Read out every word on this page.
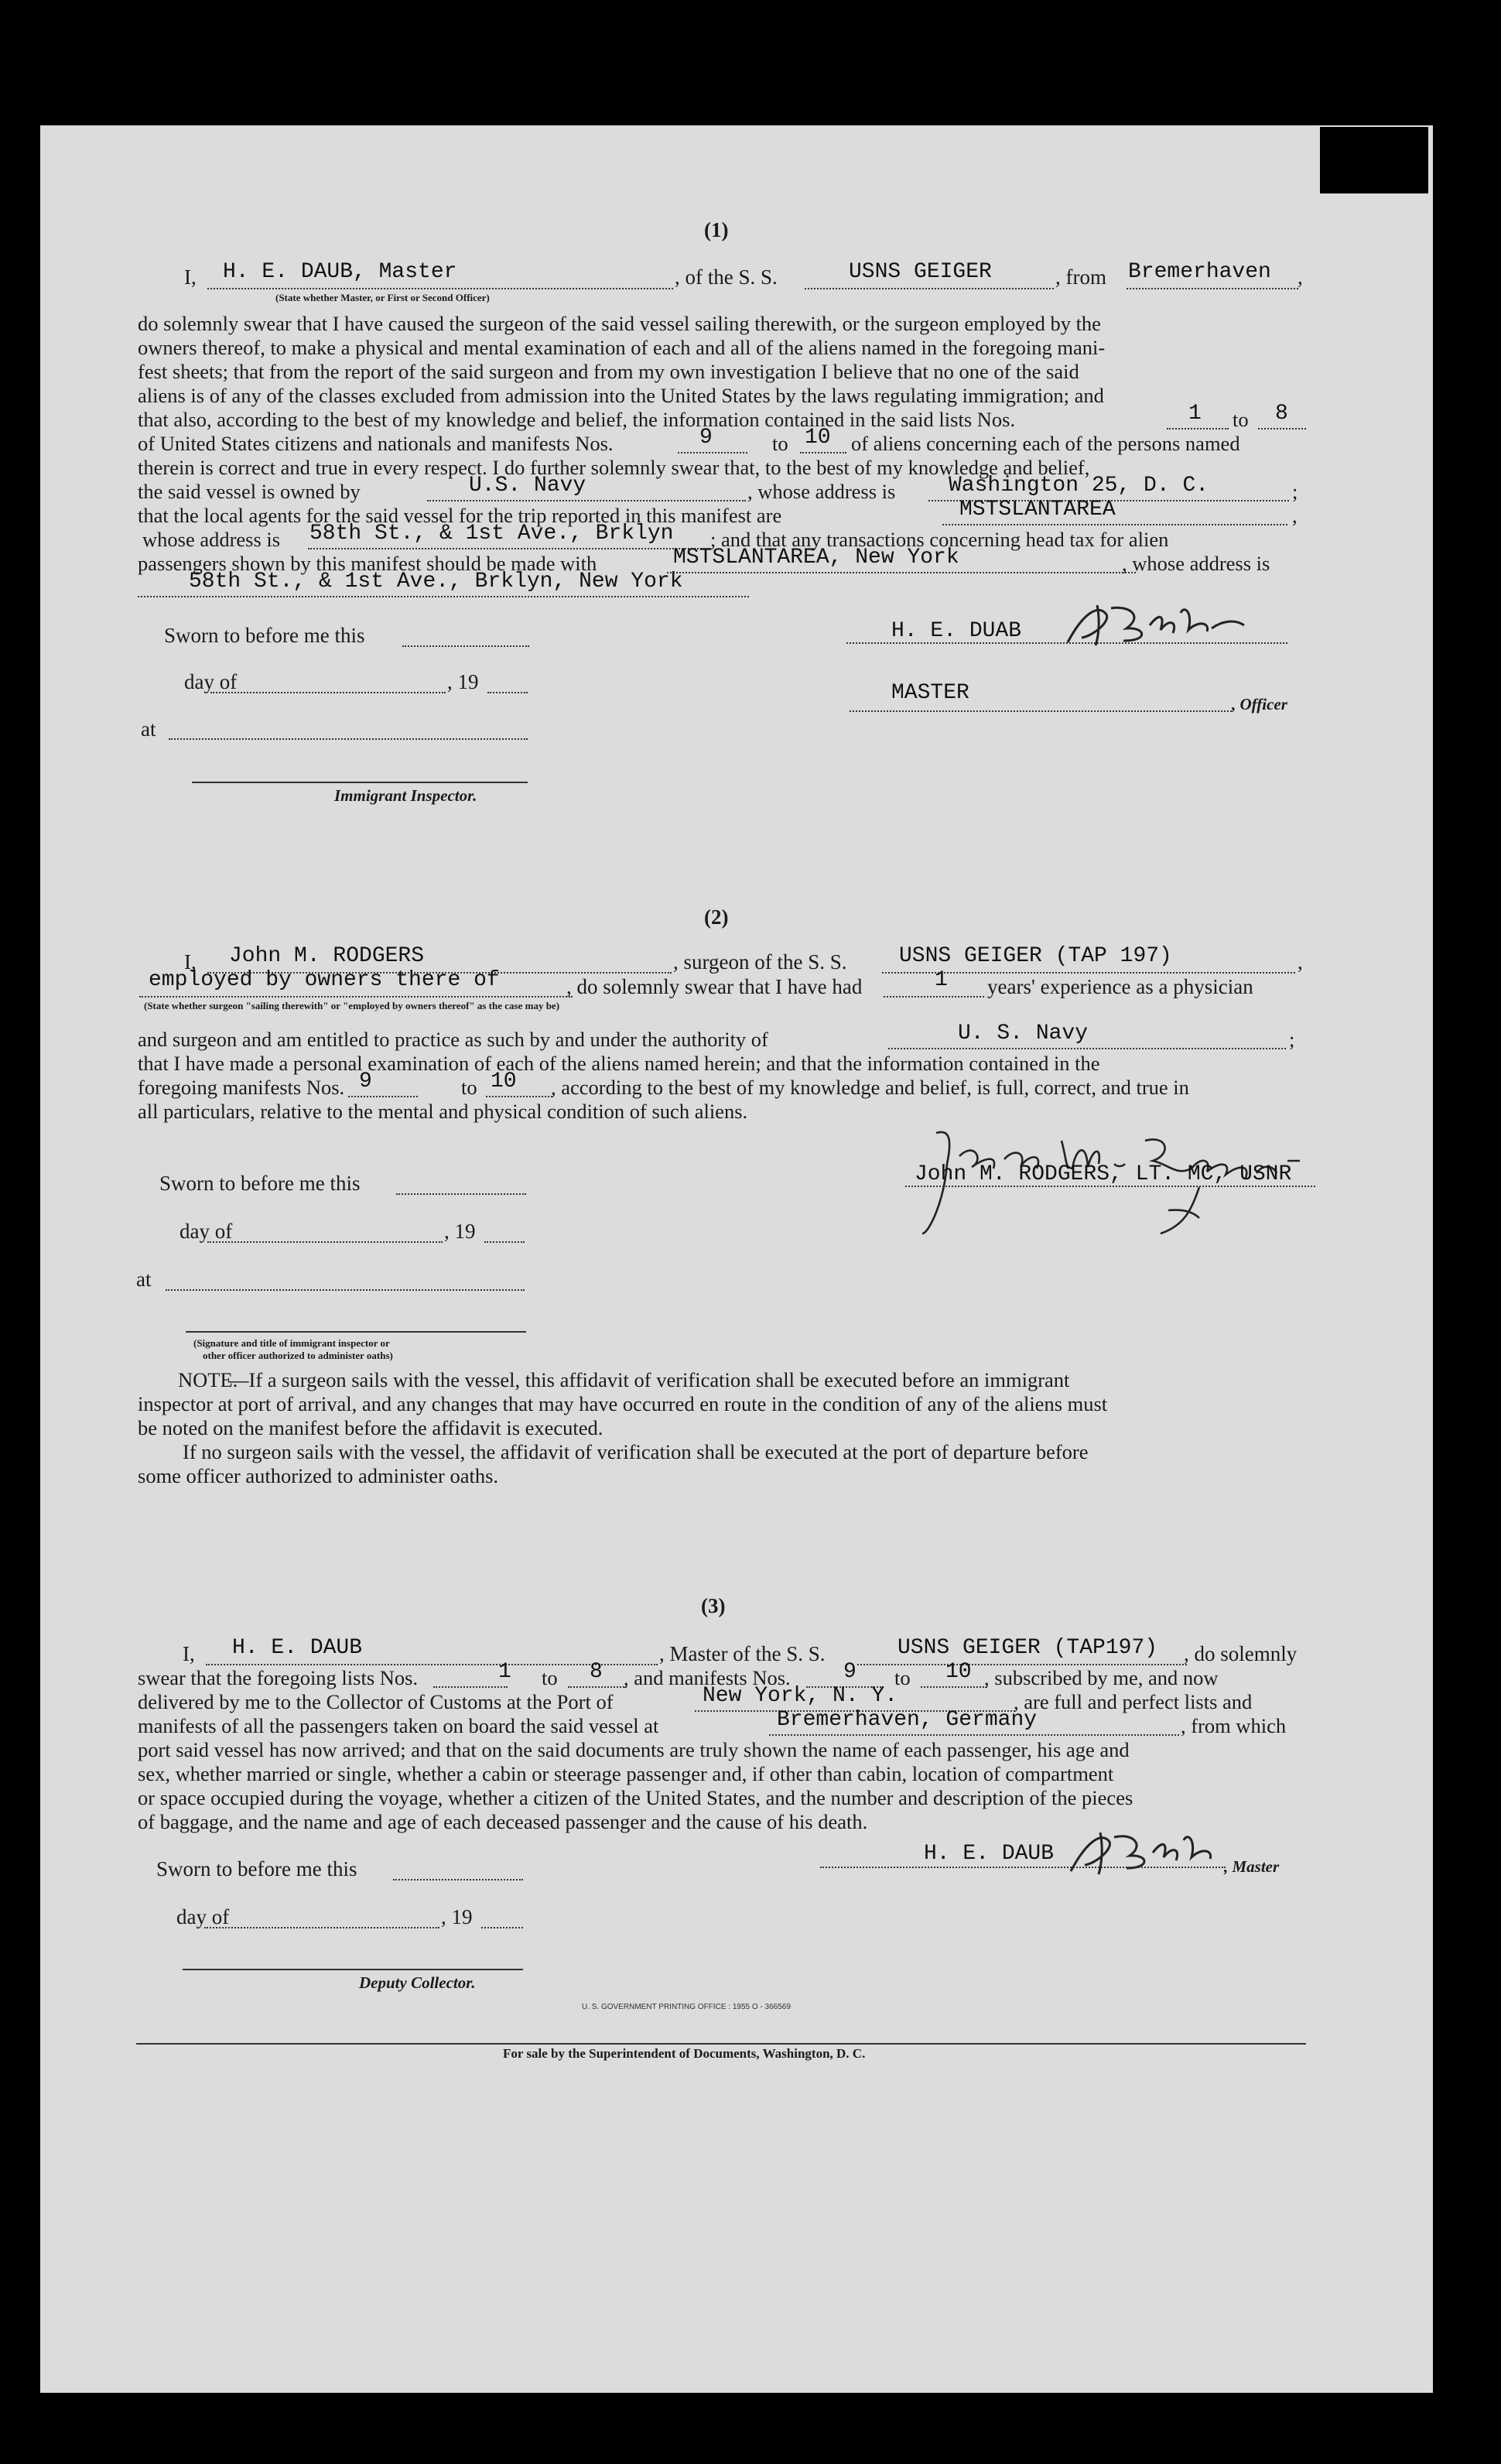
(1)
I, H. E. DAUB, Master
(State whether Master, or First or Second Officer)
, of the S. S.	USNS GEIGER	, from Bremerhaven ,
do solemnly swear that I have caused the surgeon of the said vessel sailing therewith, or the surgeon employed by the
owners thereof, to make a physical and mental examination of each and all of the aliens named in the foregoing mani-
fest sheets; that from the report of the said surgeon and from my own investigation I believe that no one of the said
aliens is of any of the classes excluded from admission into the United States by the laws regulating immigration; and
that also, according to the best of my knowledge and belief, the information contained in the said lists Nos.	1 to 8
of United States citizens and nationals and manifests Nos.	9	to 10 of aliens concerning each of the persons named
therein is correct and true in every respect. I do further solemnly swear that, to the best of my knowledge and belief,
the said vessel is owned by	U.S. Navy	, whose address is Washington 25, D. C.	;
that the local agents for the said vessel for the trip reported in this manifest are	MSTSLANTAREA	,
whose address is 58th St., & 1st Ave., Brklyn ; and that any transactions concerning head tax for alien
passengers shown by this manifest should be made with	MSTSLANTAREA, New York	, whose address is
58th St., & 1st Ave., Brklyn, New York
Sworn to before me this
day of	, 19
at
Immigrant Inspector.
H. E. DUAB
MASTER	, Officer
(2)
I, John M. RODGERS	, surgeon of the S. S. USNS GEIGER (TAP 197)	,
employed by owners there of	, do solemnly swear that I have had	1 years' experience as a physician
(State whether surgeon "sailing therewith" or "employed by owners thereof" as the case may be)
and surgeon and am entitled to practice as such by and under the authority of	U. S. Navy	;
that I have made a personal examination of each of the aliens named herein; and that the information contained in the
foregoing manifests Nos. 9	to 10 , according to the best of my knowledge and belief, is full, correct, and true in
all particulars, relative to the mental and physical condition of such aliens.
Sworn to before me this
day of	, 19
at
(Signature and title of immigrant inspector or
other officer authorized to administer oaths)
John M. RODGERS, LT. MC, USNR
NOTE.
—If a surgeon sails with the vessel, this affidavit of verification shall be executed before an immigrant
inspector at port of arrival, and any changes that may have occurred en route in the condition of any of the aliens must
be noted on the manifest before the affidavit is executed.
If no surgeon sails with the vessel, the affidavit of verification shall be executed at the port of departure before
some officer authorized to administer oaths.
(3)
I, H. E. DAUB	, Master of the S. S.	USNS GEIGER (TAP197) , do solemnly
swear that the foregoing lists Nos.	1 to 8 , and manifests Nos. 9 to 10 , subscribed by me, and now
delivered by me to the Collector of Customs at the Port of	New York, N. Y.	, are full and perfect lists and
manifests of all the passengers taken on board the said vessel at	Bremerhaven, Germany	, from which
port said vessel has now arrived; and that on the said documents are truly shown the name of each passenger, his age and
sex, whether married or single, whether a cabin or steerage passenger and, if other than cabin, location of compartment
or space occupied during the voyage, whether a citizen of the United States, and the number and description of the pieces
of baggage, and the name and age of each deceased passenger and the cause of his death.
Sworn to before me this
day of	, 19
Deputy Collector.
H. E. DAUB
, Master
U. S. GOVERNMENT PRINTING OFFICE : 1955 O - 366569
For sale by the Superintendent of Documents, Washington, D. C.
